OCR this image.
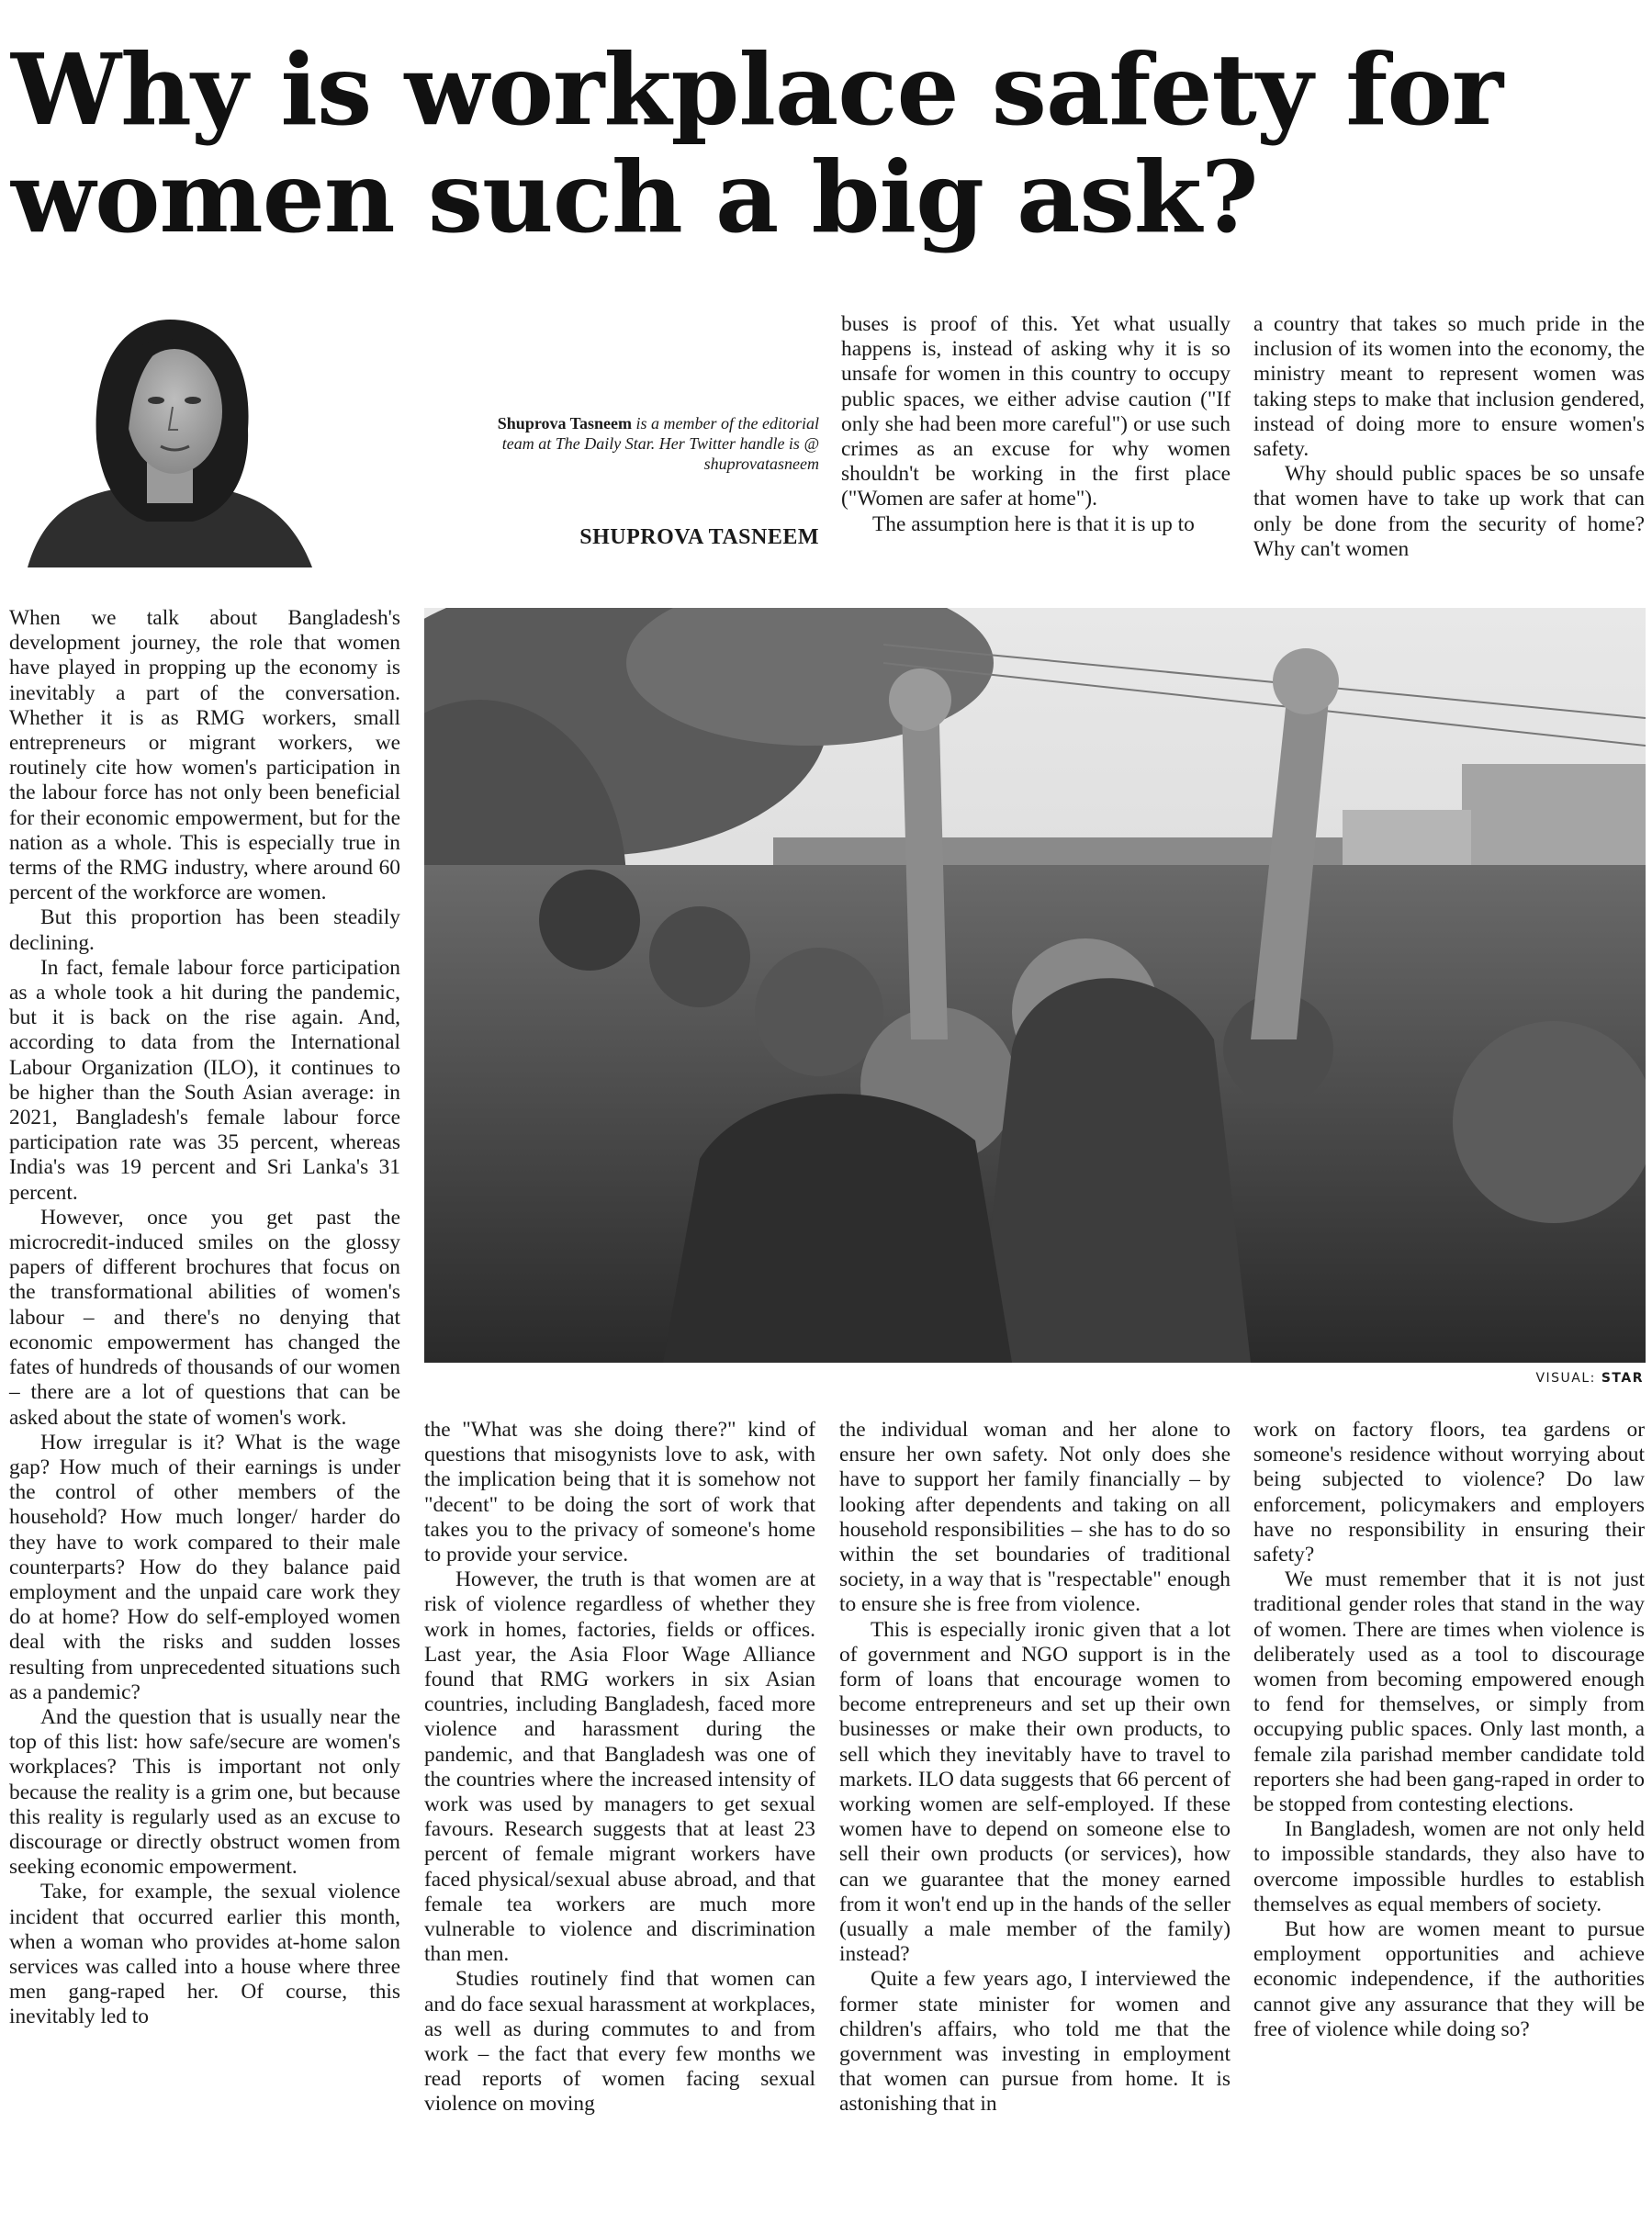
Why is workplace safety for
women such a big ask?
Shuprova Tasneem is a member of the editorial team at The Daily Star. Her Twitter handle is @ shuprovatasneem
SHUPROVA TASNEEM

When we talk about Bangladesh's development journey, the role that women have played in propping up the economy is inevitably a part of the conversation. Whether it is as RMG workers, small entrepreneurs or migrant workers, we routinely cite how women's participation in the labour force has not only been beneficial for their economic empowerment, but for the nation as a whole. This is especially true in terms of the RMG industry, where around 60 percent of the workforce are women.

But this proportion has been steadily declining.

In fact, female labour force participation as a whole took a hit during the pandemic, but it is back on the rise again. And, according to data from the International Labour Organization (ILO), it continues to be higher than the South Asian average: in 2021, Bangladesh's female labour force participation rate was 35 percent, whereas India's was 19 percent and Sri Lanka's 31 percent.

However, once you get past the microcredit-induced smiles on the glossy papers of different brochures that focus on the transformational abilities of women's labour – and there's no denying that economic empowerment has changed the fates of hundreds of thousands of our women – there are a lot of questions that can be asked about the state of women's work.

How irregular is it? What is the wage gap? How much of their earnings is under the control of other members of the household? How much longer/ harder do they have to work compared to their male counterparts? How do they balance paid employment and the unpaid care work they do at home? How do self-employed women deal with the risks and sudden losses resulting from unprecedented situations such as a pandemic?

And the question that is usually near the top of this list: how safe/secure are women's workplaces? This is important not only because the reality is a grim one, but because this reality is regularly used as an excuse to discourage or directly obstruct women from seeking economic empowerment.

Take, for example, the sexual violence incident that occurred earlier this month, when a woman who provides at-home salon services was called into a house where three men gang-raped her. Of course, this inevitably led to

buses is proof of this. Yet what usually happens is, instead of asking why it is so unsafe for women in this country to occupy public spaces, we either advise caution ("If only she had been more careful") or use such crimes as an excuse for why women shouldn't be working in the first place ("Women are safer at home").

The assumption here is that it is up to

a country that takes so much pride in the inclusion of its women into the economy, the ministry meant to represent women was taking steps to make that inclusion gendered, instead of doing more to ensure women's safety.

Why should public spaces be so unsafe that women have to take up work that can only be done from the security of home? Why can't women

VISUAL: STAR

the "What was she doing there?" kind of questions that misogynists love to ask, with the implication being that it is somehow not "decent" to be doing the sort of work that takes you to the privacy of someone's home to provide your service.

However, the truth is that women are at risk of violence regardless of whether they work in homes, factories, fields or offices. Last year, the Asia Floor Wage Alliance found that RMG workers in six Asian countries, including Bangladesh, faced more violence and harassment during the pandemic, and that Bangladesh was one of the countries where the increased intensity of work was used by managers to get sexual favours. Research suggests that at least 23 percent of female migrant workers have faced physical/sexual abuse abroad, and that female tea workers are much more vulnerable to violence and discrimination than men.

Studies routinely find that women can and do face sexual harassment at workplaces, as well as during commutes to and from work – the fact that every few months we read reports of women facing sexual violence on moving

the individual woman and her alone to ensure her own safety. Not only does she have to support her family financially – by looking after dependents and taking on all household responsibilities – she has to do so within the set boundaries of traditional society, in a way that is "respectable" enough to ensure she is free from violence.

This is especially ironic given that a lot of government and NGO support is in the form of loans that encourage women to become entrepreneurs and set up their own businesses or make their own products, to sell which they inevitably have to travel to markets. ILO data suggests that 66 percent of working women are self-employed. If these women have to depend on someone else to sell their own products (or services), how can we guarantee that the money earned from it won't end up in the hands of the seller (usually a male member of the family) instead?

Quite a few years ago, I interviewed the former state minister for women and children's affairs, who told me that the government was investing in employment that women can pursue from home. It is astonishing that in

work on factory floors, tea gardens or someone's residence without worrying about being subjected to violence? Do law enforcement, policymakers and employers have no responsibility in ensuring their safety?

We must remember that it is not just traditional gender roles that stand in the way of women. There are times when violence is deliberately used as a tool to discourage women from becoming empowered enough to fend for themselves, or simply from occupying public spaces. Only last month, a female zila parishad member candidate told reporters she had been gang-raped in order to be stopped from contesting elections.

In Bangladesh, women are not only held to impossible standards, they also have to overcome impossible hurdles to establish themselves as equal members of society.

But how are women meant to pursue employment opportunities and achieve economic independence, if the authorities cannot give any assurance that they will be free of violence while doing so?
